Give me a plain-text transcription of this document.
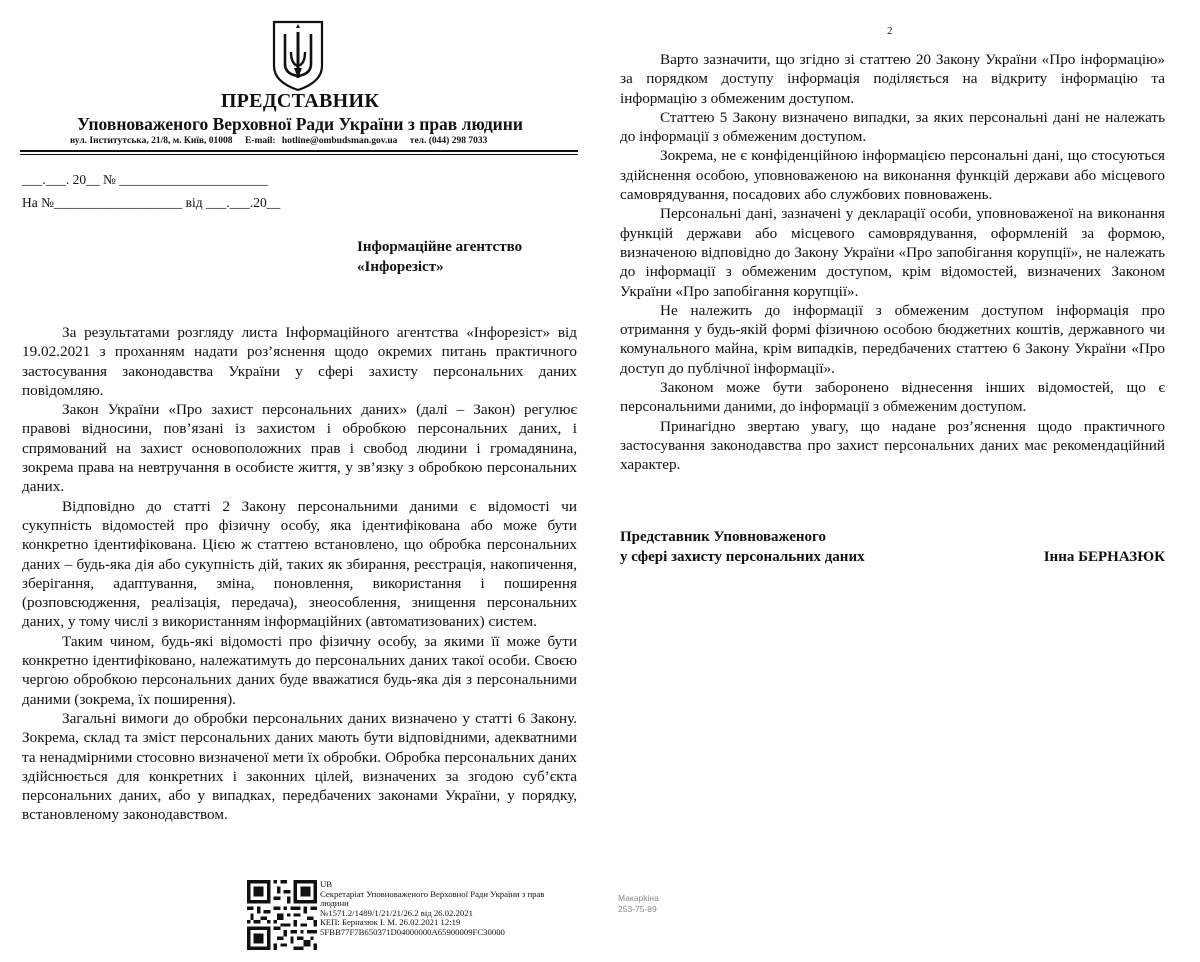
ПРЕДСТАВНИК
Уповноваженого Верховної Ради України з прав людини
вул. Інститутська, 21/8, м. Київ, 01008 E-mail: hotline@ombudsman.gov.ua тел. (044) 298 7033
___.___. 20__ № ______________________
На №___________________ від ___.___.20__
Інформаційне агентство
«Інфорезіст»

За результатами розгляду листа Інформаційного агентства «Інфорезіст» від 19.02.2021 з проханням надати роз’яснення щодо окремих питань практичного застосування законодавства України у сфері захисту персональних даних повідомляю.

Закон України «Про захист персональних даних» (далі – Закон) регулює правові відносини, пов’язані із захистом і обробкою персональних даних, і спрямований на захист основоположних прав і свобод людини і громадянина, зокрема права на невтручання в особисте життя, у зв’язку з обробкою персональних даних.

Відповідно до статті 2 Закону персональними даними є відомості чи сукупність відомостей про фізичну особу, яка ідентифікована або може бути конкретно ідентифікована. Цією ж статтею встановлено, що обробка персональних даних – будь-яка дія або сукупність дій, таких як збирання, реєстрація, накопичення, зберігання, адаптування, зміна, поновлення, використання і поширення (розповсюдження, реалізація, передача), знеособлення, знищення персональних даних, у тому числі з використанням інформаційних (автоматизованих) систем.

Таким чином, будь-які відомості про фізичну особу, за якими її може бути конкретно ідентифіковано, належатимуть до персональних даних такої особи. Своєю чергою обробкою персональних даних буде вважатися будь-яка дія з персональними даними (зокрема, їх поширення).

Загальні вимоги до обробки персональних даних визначено у статті 6 Закону. Зокрема, склад та зміст персональних даних мають бути відповідними, адекватними та ненадмірними стосовно визначеної мети їх обробки. Обробка персональних даних здійснюється для конкретних і законних цілей, визначених за згодою суб’єкта персональних даних, або у випадках, передбачених законами України, у порядку, встановленому законодавством.

UB
Секретаріат Уповноваженого Верховної Ради України з прав людини
№1571.2/1489/1/21/21/26.2 від 26.02.2021
КЕП: Бернaзюк І. М. 26.02.2021 12:19
5FBB77F7B650371D04000000A65900009FC30000
2

Варто зазначити, що згідно зі статтею 20 Закону України «Про інформацію» за порядком доступу інформація поділяється на відкриту інформацію та інформацію з обмеженим доступом.

Статтею 5 Закону визначено випадки, за яких персональні дані не належать до інформації з обмеженим доступом.

Зокрема, не є конфіденційною інформацією персональні дані, що стосуються здійснення особою, уповноваженою на виконання функцій держави або місцевого самоврядування, посадових або службових повноважень.

Персональні дані, зазначені у декларації особи, уповноваженої на виконання функцій держави або місцевого самоврядування, оформленій за формою, визначеною відповідно до Закону України «Про запобігання корупції», не належать до інформації з обмеженим доступом, крім відомостей, визначених Законом України «Про запобігання корупції».

Не належить до інформації з обмеженим доступом інформація про отримання у будь-якій формі фізичною особою бюджетних коштів, державного чи комунального майна, крім випадків, передбачених статтею 6 Закону України «Про доступ до публічної інформації».

Законом може бути заборонено віднесення інших відомостей, що є персональними даними, до інформації з обмеженим доступом.

Принагідно звертаю увагу, що надане роз’яснення щодо практичного застосування законодавства про захист персональних даних має рекомендаційний характер.

Представник Уповноваженого
у сфері захисту персональних даних	Інна БЕРНАЗЮК
Макарkіна
253-75-89
